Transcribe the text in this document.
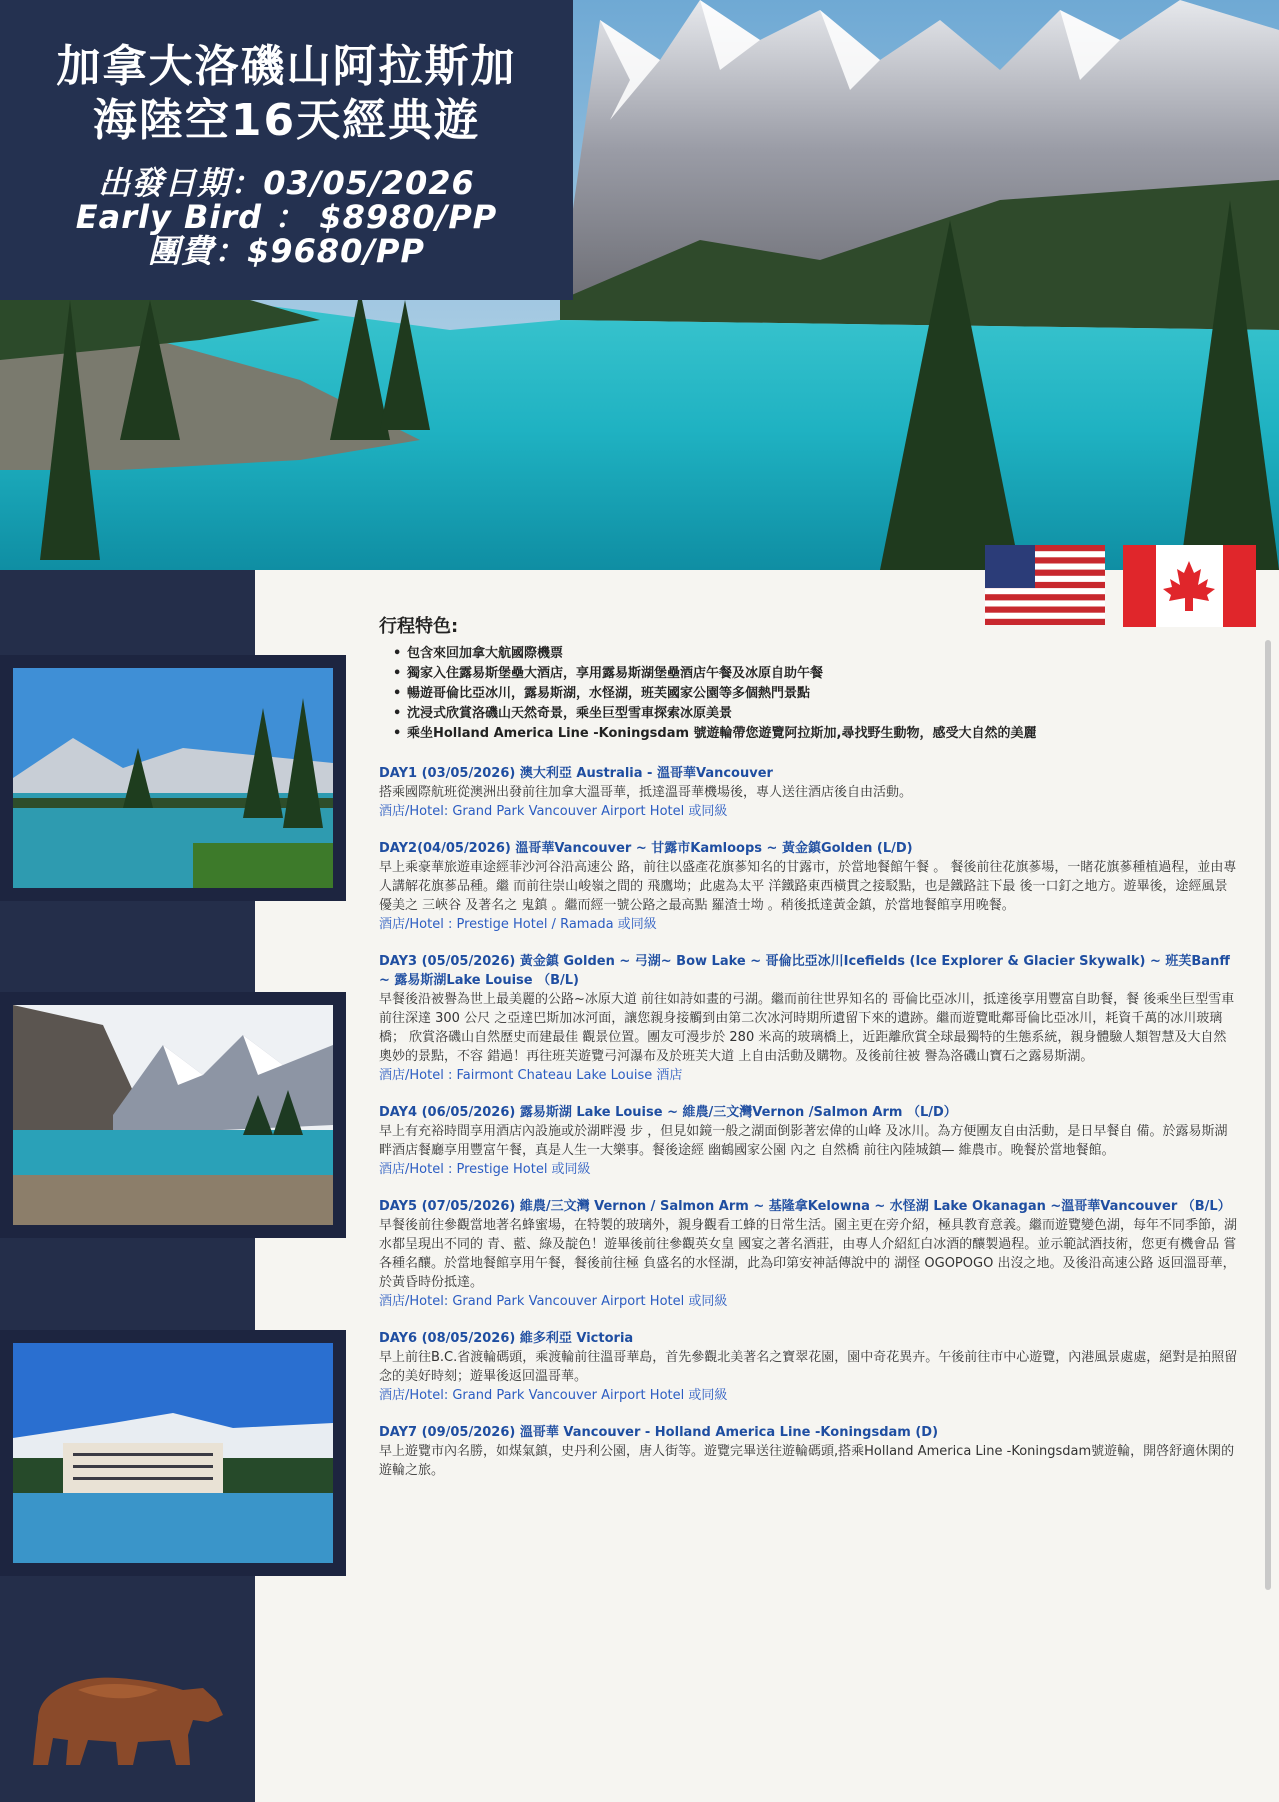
加拿大洛磯山阿拉斯加
海陸空16天經典遊
出發日期：03/05/2026
Early Bird ： $8980/PP
團費：$9680/PP
行程特色:
• 包含來回加拿大航國際機票
• 獨家入住露易斯堡壘大酒店，享用露易斯湖堡壘酒店午餐及冰原自助午餐
• 暢遊哥倫比亞冰川，露易斯湖，水怪湖，班芙國家公園等多個熱門景點
• 沈浸式欣賞洛磯山天然奇景，乘坐巨型雪車探索冰原美景
• 乘坐Holland America Line -Koningsdam 號遊輪帶您遊覽阿拉斯加,尋找野生動物，感受大自然的美麗
DAY1 (03/05/2026) 澳大利亞 Australia - 溫哥華Vancouver
搭乘國際航班從澳洲出發前往加拿大溫哥華，抵達溫哥華機場後，專人送往酒店後自由活動。
酒店/Hotel: Grand Park Vancouver Airport Hotel 或同級
DAY2(04/05/2026) 溫哥華Vancouver ~ 甘露市Kamloops ~ 黃金鎮Golden (L/D)
早上乘豪華旅遊車途經菲沙河谷沿高速公 路，前往以盛產花旗蔘知名的甘露市，於當地餐館午餐 。 餐後前往花旗蔘場，一睹花旗蔘種植過程，並由專人講解花旗蔘品種。繼 而前往崇山峻嶺之間的 飛鷹坳；此處為太平 洋鐵路東西橫貫之接駁點，也是鐵路註下最 後一口釘之地方。遊畢後，途經風景優美之 三峽谷 及著名之 鬼鎮 。繼而經一號公路之最高點 羅渣士坳 。稍後抵達黃金鎮，於當地餐館享用晚餐。
酒店/Hotel : Prestige Hotel / Ramada 或同級
DAY3 (05/05/2026) 黃金鎮 Golden ~ 弓湖~ Bow Lake ~ 哥倫比亞冰川Icefields (Ice Explorer & Glacier Skywalk) ~ 班芙Banff ~ 露易斯湖Lake Louise （B/L)
早餐後沿被譽為世上最美麗的公路~冰原大道 前往如詩如畫的弓湖。繼而前往世界知名的 哥倫比亞冰川，抵達後享用豐富自助餐，餐 後乘坐巨型雪車前往深達 300 公尺 之亞達巴斯加冰河面，讓您親身接觸到由第二次冰河時期所遺留下來的遺跡。繼而遊覽毗鄰哥倫比亞冰川，耗資千萬的冰川玻璃橋； 欣賞洛磯山自然歷史而建最佳 觀景位置。團友可漫步於 280 米高的玻璃橋上，近距離欣賞全球最獨特的生態系統，親身體驗人類智慧及大自然奧妙的景點，不容 錯過！再往班芙遊覽弓河瀑布及於班芙大道 上自由活動及購物。及後前往被 譽為洛磯山寶石之露易斯湖。
酒店/Hotel : Fairmont Chateau Lake Louise 酒店
DAY4 (06/05/2026) 露易斯湖 Lake Louise ~ 維農/三文灣Vernon /Salmon Arm （L/D）
早上有充裕時間享用酒店內設施或於湖畔漫 步 ，但見如鏡一般之湖面倒影著宏偉的山峰 及冰川。為方便團友自由活動，是日早餐自 備。於露易斯湖畔酒店餐廳享用豐富午餐，真是人生一大樂事。餐後途經 幽鶴國家公園 內之 自然橋 前往內陸城鎮— 維農市。晚餐於當地餐館。
酒店/Hotel : Prestige Hotel 或同級
DAY5 (07/05/2026) 維農/三文灣 Vernon / Salmon Arm ~ 基隆拿Kelowna ~ 水怪湖 Lake Okanagan ~溫哥華Vancouver （B/L）
早餐後前往參觀當地著名蜂蜜場，在特製的玻璃外，親身觀看工蜂的日常生活。園主更在旁介紹，極具教育意義。繼而遊覽變色湖，每年不同季節，湖水都呈現出不同的 青、藍、綠及靛色！遊畢後前往參觀英女皇 國宴之著名酒莊，由專人介紹紅白冰酒的釀製過程。並示範試酒技術，您更有機會品 嘗各種名釀。於當地餐館享用午餐，餐後前往極 負盛名的水怪湖，此為印第安神話傳說中的 湖怪 OGOPOGO 出沒之地。及後沿高速公路 返回溫哥華，於黃昏時份抵達。
酒店/Hotel: Grand Park Vancouver Airport Hotel 或同級
DAY6 (08/05/2026) 維多利亞 Victoria
早上前往B.C.省渡輪碼頭，乘渡輪前往溫哥華島，首先參觀北美著名之寶翠花園，園中奇花異卉。午後前往市中心遊覽，內港風景處處，絕對是拍照留念的美好時刻；遊畢後返回溫哥華。
酒店/Hotel: Grand Park Vancouver Airport Hotel 或同級
DAY7 (09/05/2026) 溫哥華 Vancouver - Holland America Line -Koningsdam (D)
早上遊覽市內名勝，如煤氣鎮，史丹利公園，唐人街等。遊覽完畢送往遊輪碼頭,搭乘Holland America Line -Koningsdam號遊輪，開啓舒適休閑的遊輪之旅。
